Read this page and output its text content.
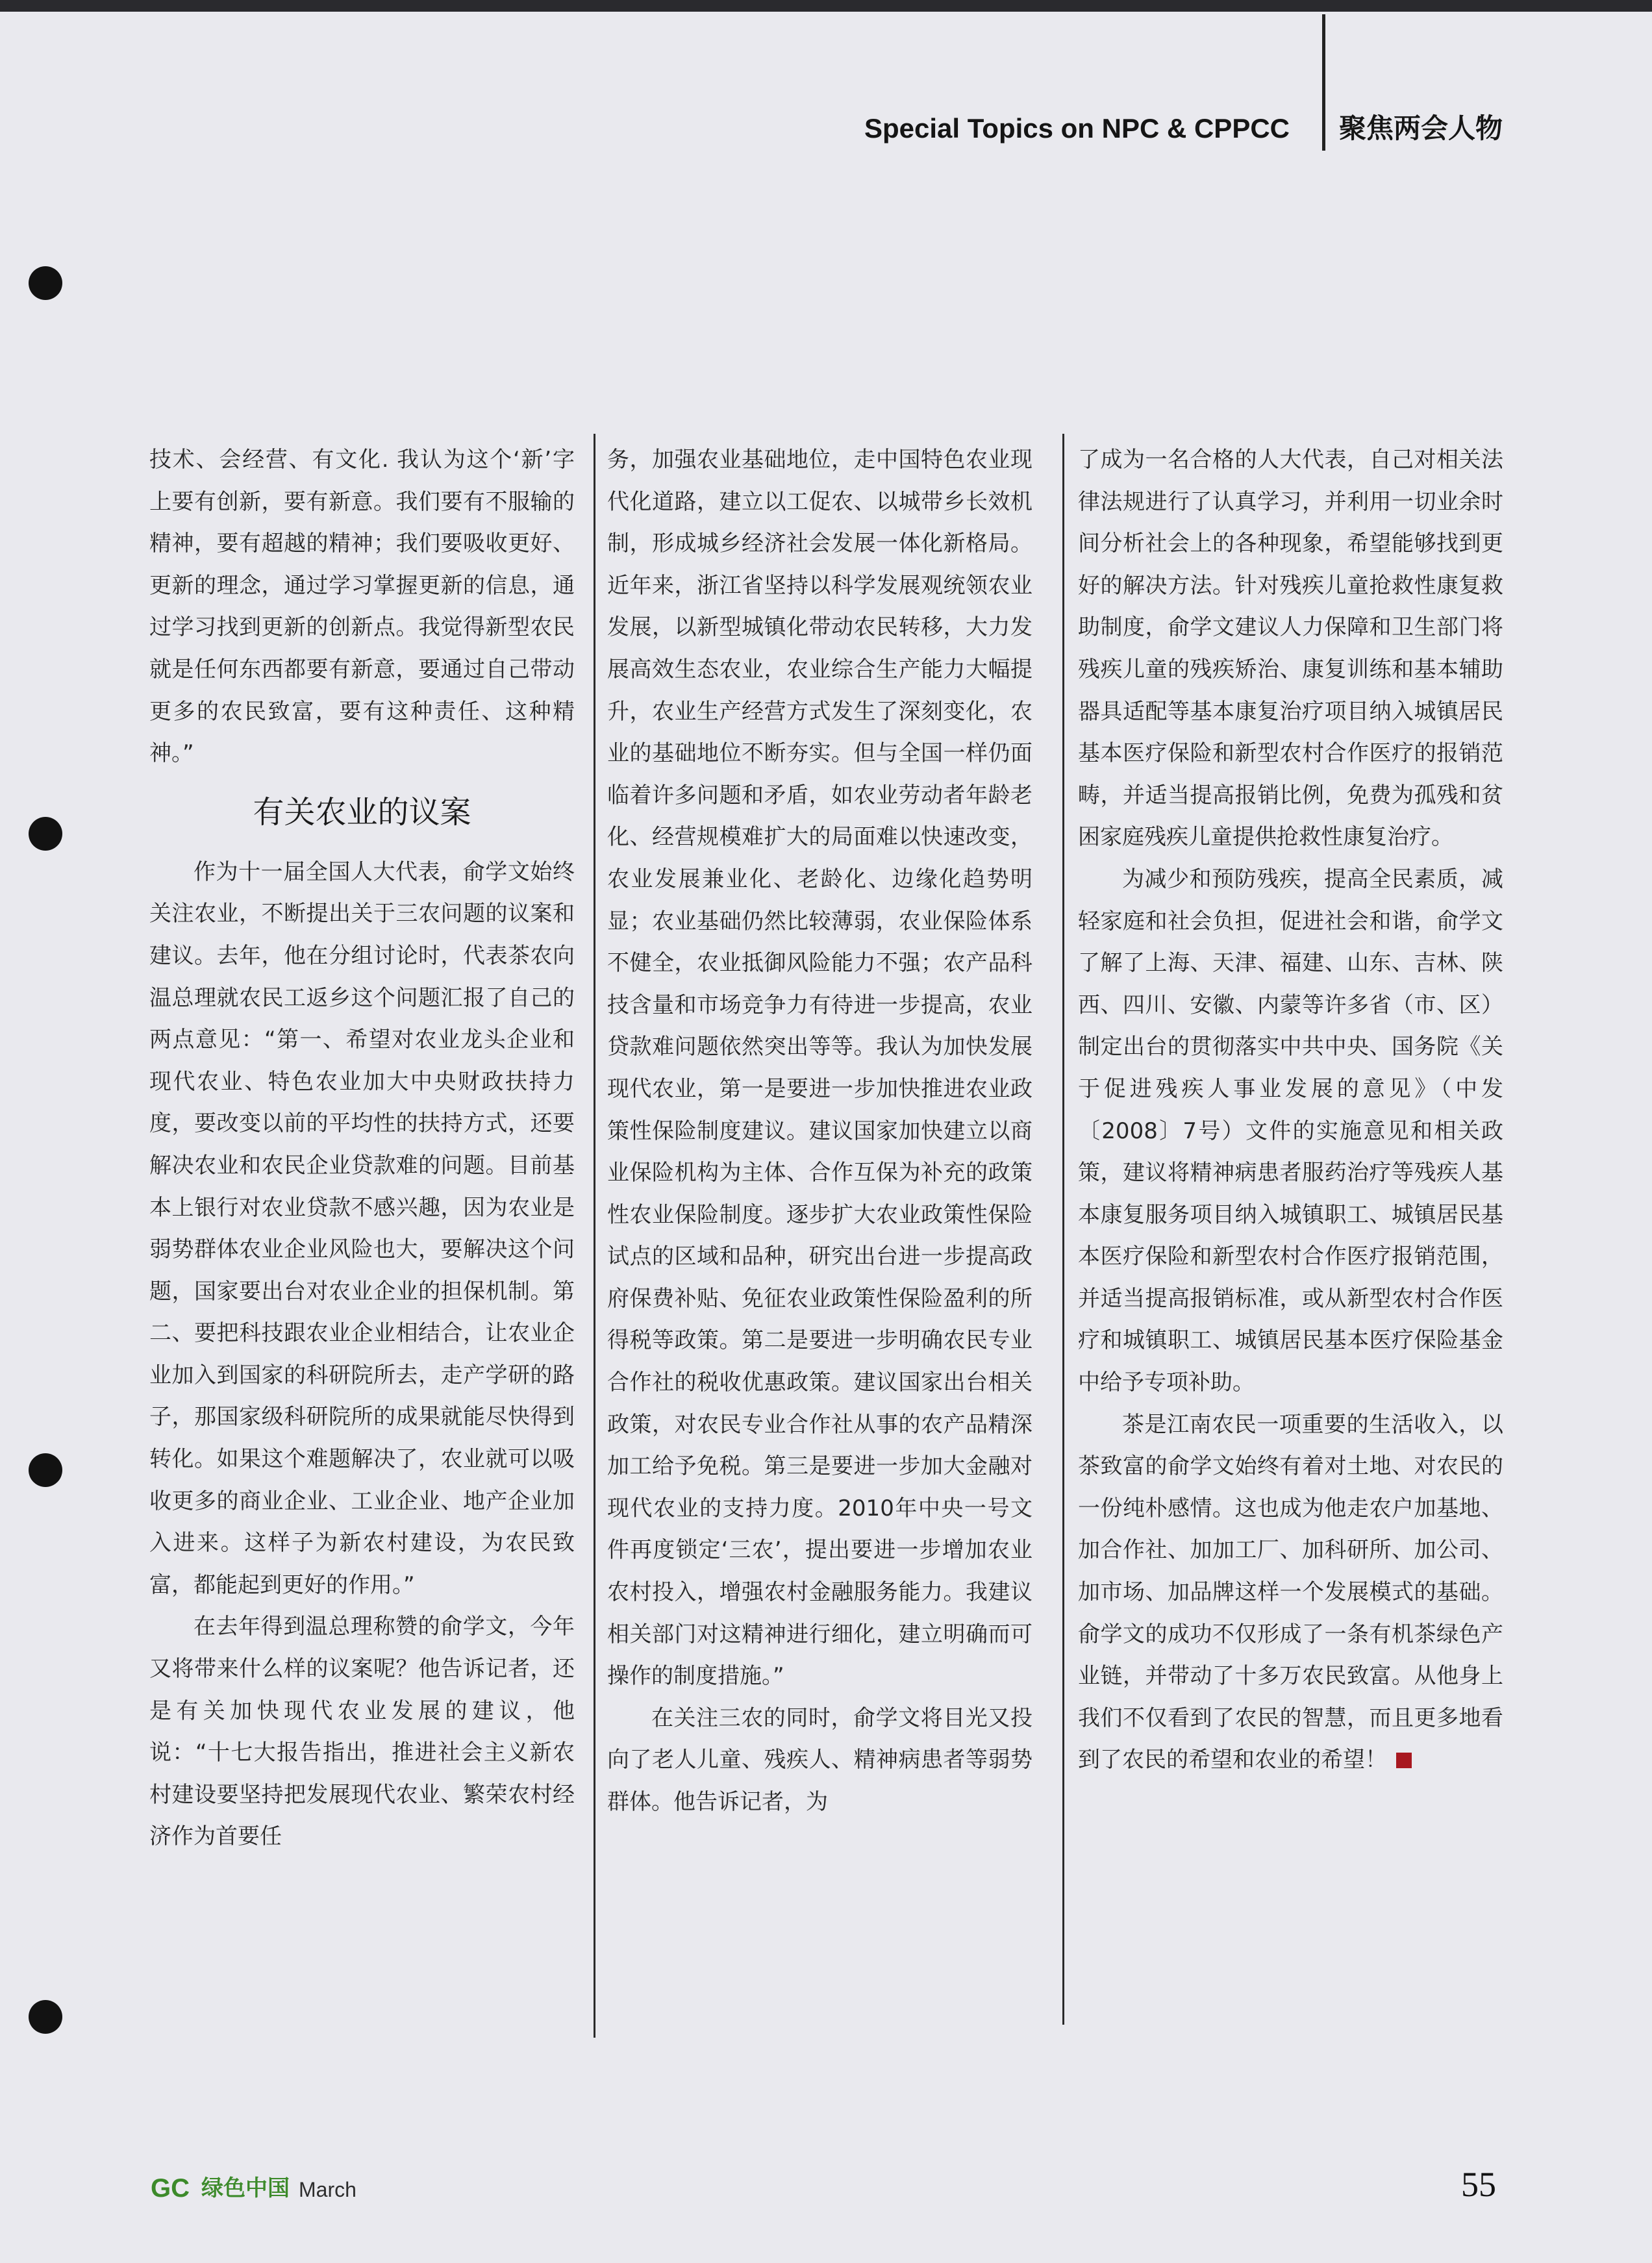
Special Topics on NPC & CPPCC 聚焦两会人物

技术、会经营、有文化. 我认为这个‘新’字上要有创新，要有新意。我们要有不服输的精神，要有超越的精神；我们要吸收更好、更新的理念，通过学习掌握更新的信息，通过学习找到更新的创新点。我觉得新型农民就是任何东西都要有新意，要通过自己带动更多的农民致富，要有这种责任、这种精神。”

有关农业的议案

作为十一届全国人大代表，俞学文始终关注农业，不断提出关于三农问题的议案和建议。去年，他在分组讨论时，代表茶农向温总理就农民工返乡这个问题汇报了自己的两点意见：“第一、希望对农业龙头企业和现代农业、特色农业加大中央财政扶持力度，要改变以前的平均性的扶持方式，还要解决农业和农民企业贷款难的问题。目前基本上银行对农业贷款不感兴趣，因为农业是弱势群体农业企业风险也大，要解决这个问题，国家要出台对农业企业的担保机制。第二、要把科技跟农业企业相结合，让农业企业加入到国家的科研院所去，走产学研的路子，那国家级科研院所的成果就能尽快得到转化。如果这个难题解决了，农业就可以吸收更多的商业企业、工业企业、地产企业加入进来。这样子为新农村建设，为农民致富，都能起到更好的作用。”

在去年得到温总理称赞的俞学文，今年又将带来什么样的议案呢？他告诉记者，还是有关加快现代农业发展的建议，他说：“十七大报告指出，推进社会主义新农村建设要坚持把发展现代农业、繁荣农村经济作为首要任

务，加强农业基础地位，走中国特色农业现代化道路，建立以工促农、以城带乡长效机制，形成城乡经济社会发展一体化新格局。近年来，浙江省坚持以科学发展观统领农业发展，以新型城镇化带动农民转移，大力发展高效生态农业，农业综合生产能力大幅提升，农业生产经营方式发生了深刻变化，农业的基础地位不断夯实。但与全国一样仍面临着许多问题和矛盾，如农业劳动者年龄老化、经营规模难扩大的局面难以快速改变，农业发展兼业化、老龄化、边缘化趋势明显；农业基础仍然比较薄弱，农业保险体系不健全，农业抵御风险能力不强；农产品科技含量和市场竞争力有待进一步提高，农业贷款难问题依然突出等等。我认为加快发展现代农业，第一是要进一步加快推进农业政策性保险制度建议。建议国家加快建立以商业保险机构为主体、合作互保为补充的政策性农业保险制度。逐步扩大农业政策性保险试点的区域和品种，研究出台进一步提高政府保费补贴、免征农业政策性保险盈利的所得税等政策。第二是要进一步明确农民专业合作社的税收优惠政策。建议国家出台相关政策，对农民专业合作社从事的农产品精深加工给予免税。第三是要进一步加大金融对现代农业的支持力度。2010年中央一号文件再度锁定‘三农’，提出要进一步增加农业农村投入，增强农村金融服务能力。我建议相关部门对这精神进行细化，建立明确而可操作的制度措施。”

在关注三农的同时，俞学文将目光又投向了老人儿童、残疾人、精神病患者等弱势群体。他告诉记者，为

了成为一名合格的人大代表，自己对相关法律法规进行了认真学习，并利用一切业余时间分析社会上的各种现象，希望能够找到更好的解决方法。针对残疾儿童抢救性康复救助制度，俞学文建议人力保障和卫生部门将残疾儿童的残疾矫治、康复训练和基本辅助器具适配等基本康复治疗项目纳入城镇居民基本医疗保险和新型农村合作医疗的报销范畴，并适当提高报销比例，免费为孤残和贫困家庭残疾儿童提供抢救性康复治疗。

为减少和预防残疾，提高全民素质，减轻家庭和社会负担，促进社会和谐，俞学文了解了上海、天津、福建、山东、吉林、陕西、四川、安徽、内蒙等许多省（市、区）制定出台的贯彻落实中共中央、国务院《关于促进残疾人事业发展的意见》（中发〔2008〕7号）文件的实施意见和相关政策，建议将精神病患者服药治疗等残疾人基本康复服务项目纳入城镇职工、城镇居民基本医疗保险和新型农村合作医疗报销范围，并适当提高报销标准，或从新型农村合作医疗和城镇职工、城镇居民基本医疗保险基金中给予专项补助。

茶是江南农民一项重要的生活收入，以茶致富的俞学文始终有着对土地、对农民的一份纯朴感情。这也成为他走农户加基地、加合作社、加加工厂、加科研所、加公司、加市场、加品牌这样一个发展模式的基础。俞学文的成功不仅形成了一条有机茶绿色产业链，并带动了十多万农民致富。从他身上我们不仅看到了农民的智慧，而且更多地看到了农民的希望和农业的希望！

GC 绿色中国 March	55
